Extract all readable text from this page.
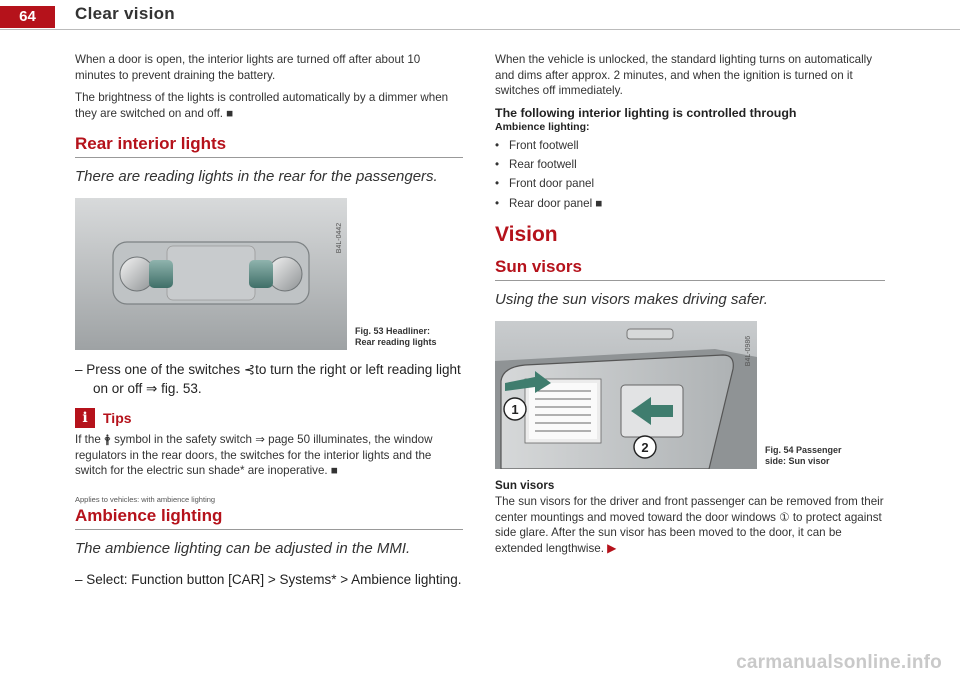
64	Clear vision

When a door is open, the interior lights are turned off after about 10 minutes to prevent draining the battery.

The brightness of the lights is controlled automatically by a dimmer when they are switched on and off. ■

Rear interior lights
There are reading lights in the rear for the passengers.
B4L-0442
Fig. 53 Headliner:
Rear reading lights
– Press one of the switches ⊰to turn the right or left reading light on or off ⇒ fig. 53.
i	Tips

If the 🛉 symbol in the safety switch ⇒ page 50 illuminates, the window regulators in the rear doors, the switches for the interior lights and the switch for the electric sun shade* are inoperative. ■

Applies to vehicles: with ambience lighting
Ambience lighting
The ambience lighting can be adjusted in the MMI.
– Select: Function button [CAR] > Systems* > Ambience lighting.

When the vehicle is unlocked, the standard lighting turns on automatically and dims after approx. 2 minutes, and when the ignition is turned on it switches off immediately.

The following interior lighting is controlled through
Ambience lighting:
• Front footwell
• Rear footwell
• Front door panel
• Rear door panel ■
Vision
Sun visors
Using the sun visors makes driving safer.
1
2
B4L-0986
Fig. 54 Passenger
side: Sun visor
Sun visors

The sun visors for the driver and front passenger can be removed from their center mountings and moved toward the door windows ① to protect against side glare. After the sun visor has been moved to the door, it can be extended lengthwise. ▶

carmanualsonline.info
